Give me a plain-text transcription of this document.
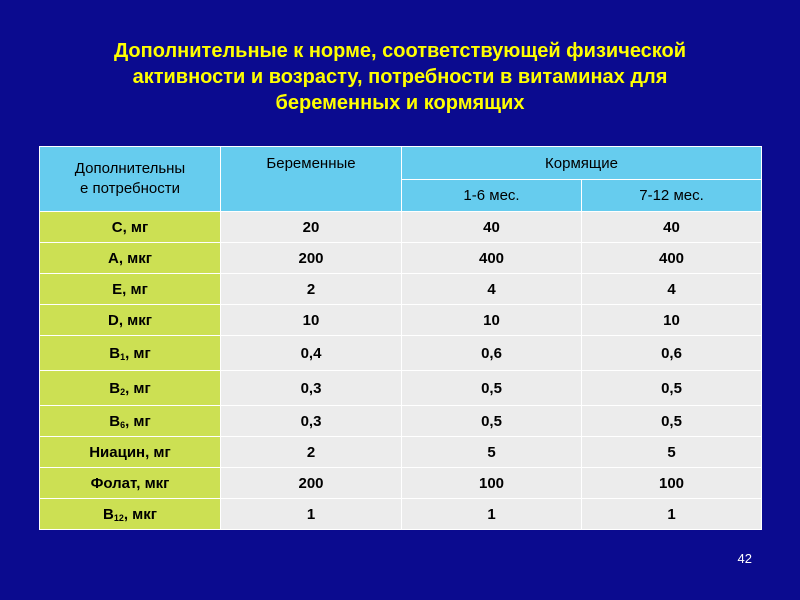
Дополнительные к норме, соответствующей физической
активности и возрасту, потребности в витаминах для
беременных и кормящих
Дополнительны
е потребности	Беременные	Кормящие	
		1-6 мес.	7-12 мес.
C, мг	20	40	40
A, мкг	200	400	400
E, мг	2	4	4
D, мкг	10	10	10
$B_1$, мг	0,4	0,6	0,6
$B_2$, мг	0,3	0,5	0,5
$B_6$, мг	0,3	0,5	0,5
Ниацин, мг	2	5	5
Фолат, мкг	200	100	100
$B_{12}$, мкг	1	1	1
42
